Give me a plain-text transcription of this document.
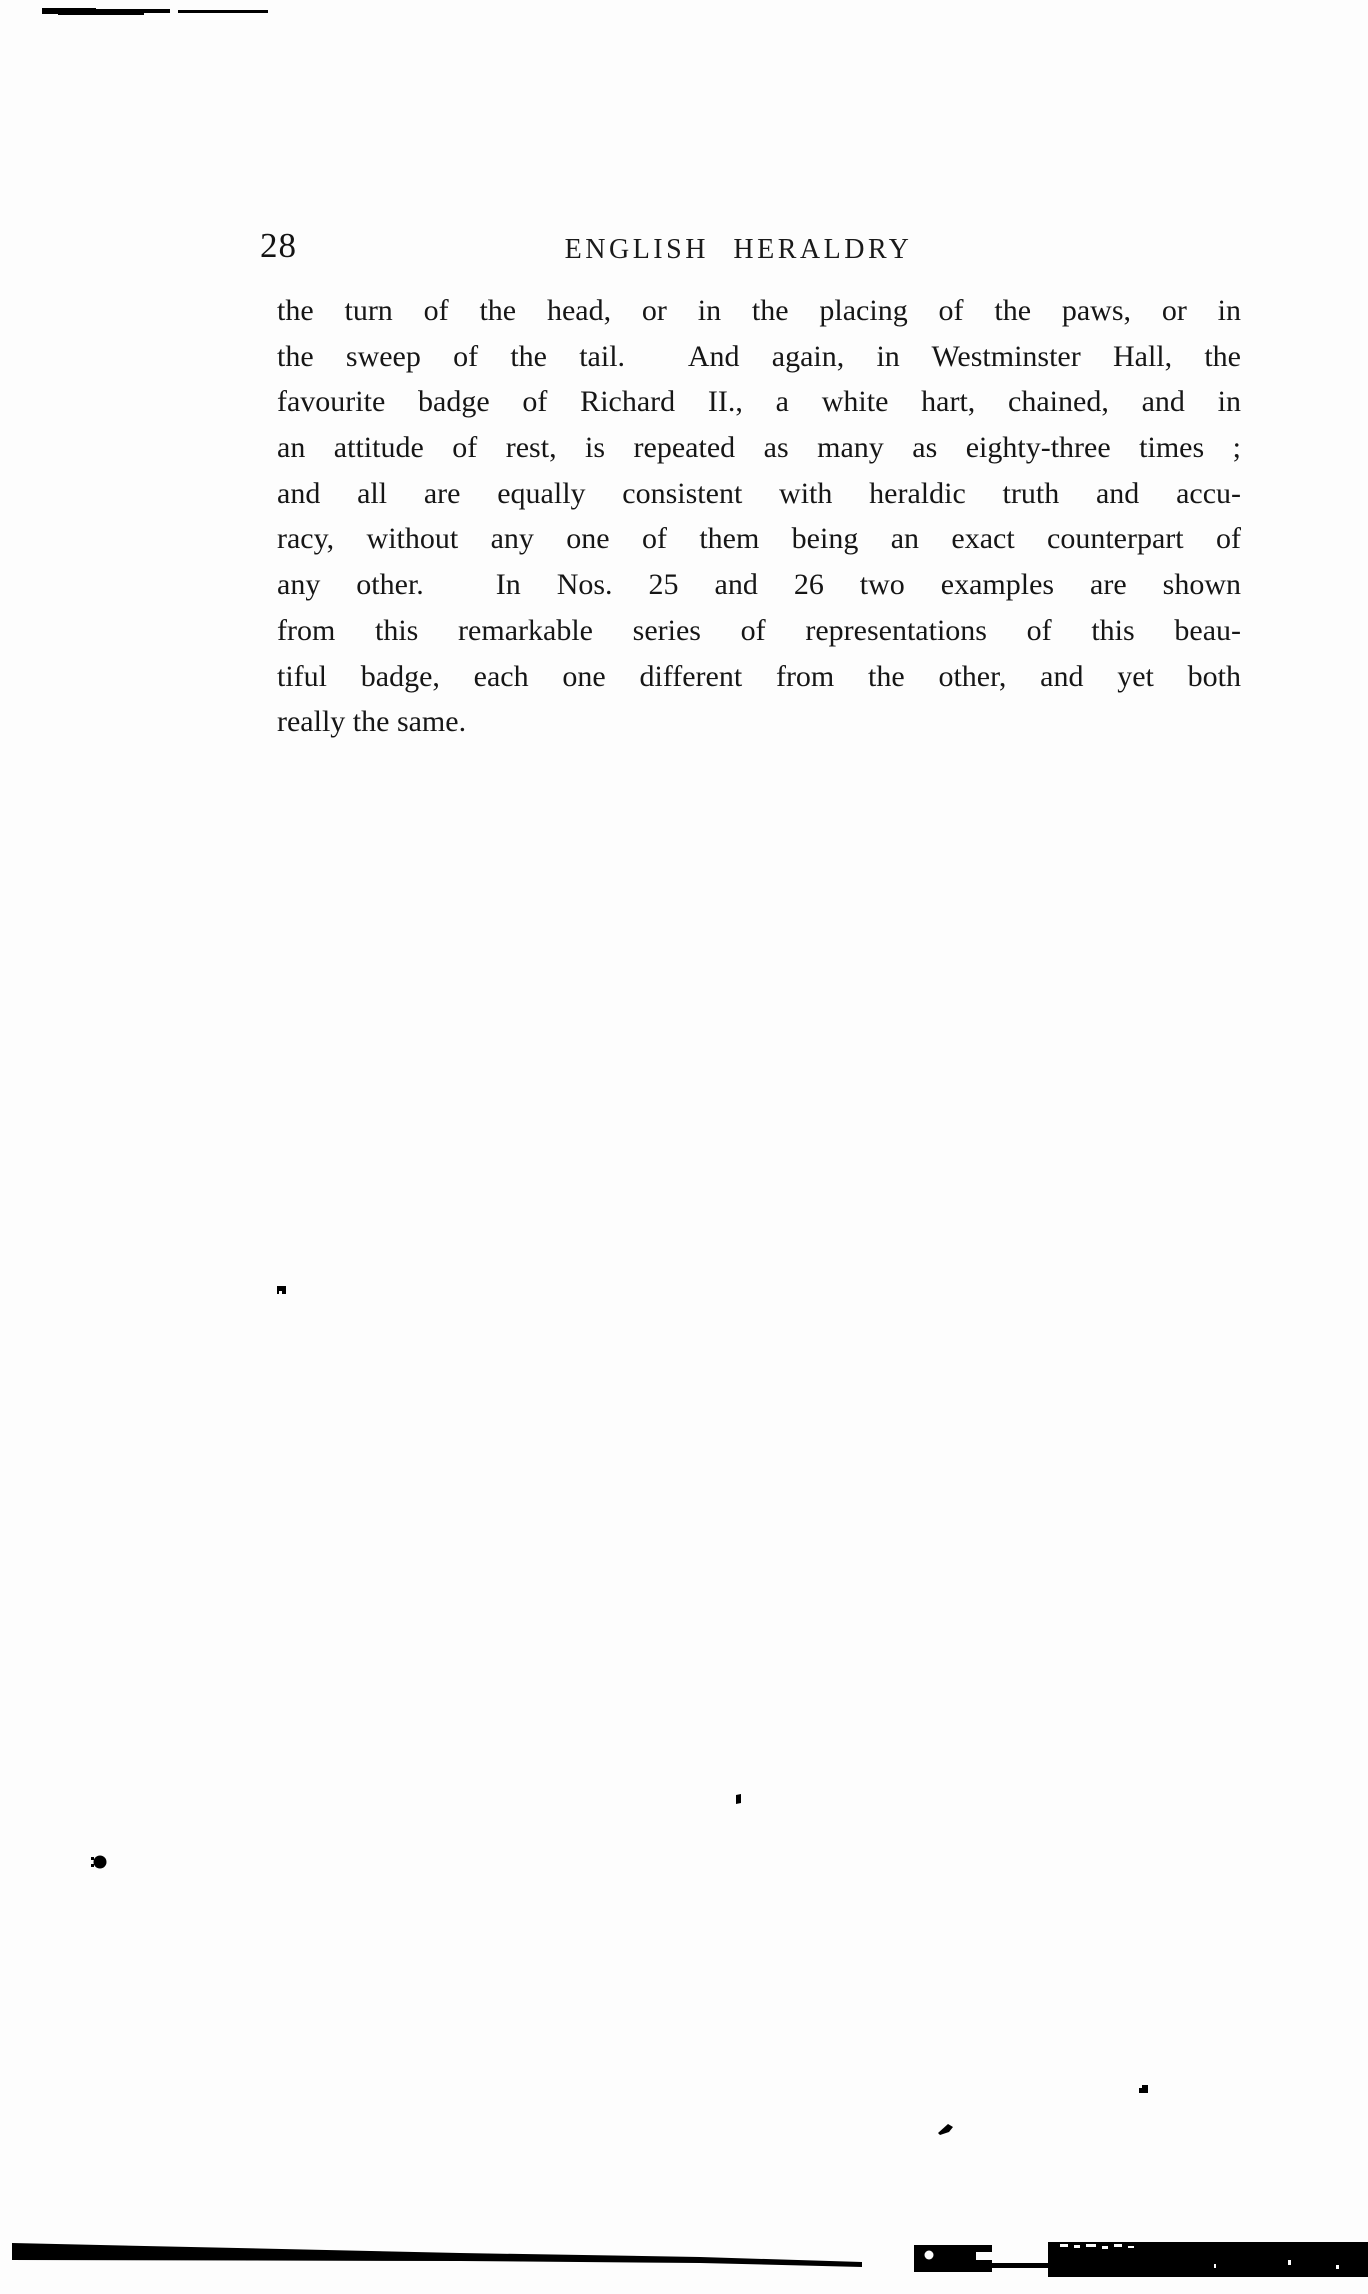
28	ENGLISH HERALDRY
the turn of the head, or in the placing of the paws, or in
the sweep of the tail.  And again, in Westminster Hall, the
favourite badge of Richard II., a white hart, chained, and in
an attitude of rest, is repeated as many as eighty-three times ;
and all are equally consistent with heraldic truth and accu-
racy, without any one of them being an exact counterpart of
any other.  In Nos. 25 and 26 two examples are shown
from this remarkable series of representations of this beau-
tiful badge, each one different from the other, and yet both
really the same.
